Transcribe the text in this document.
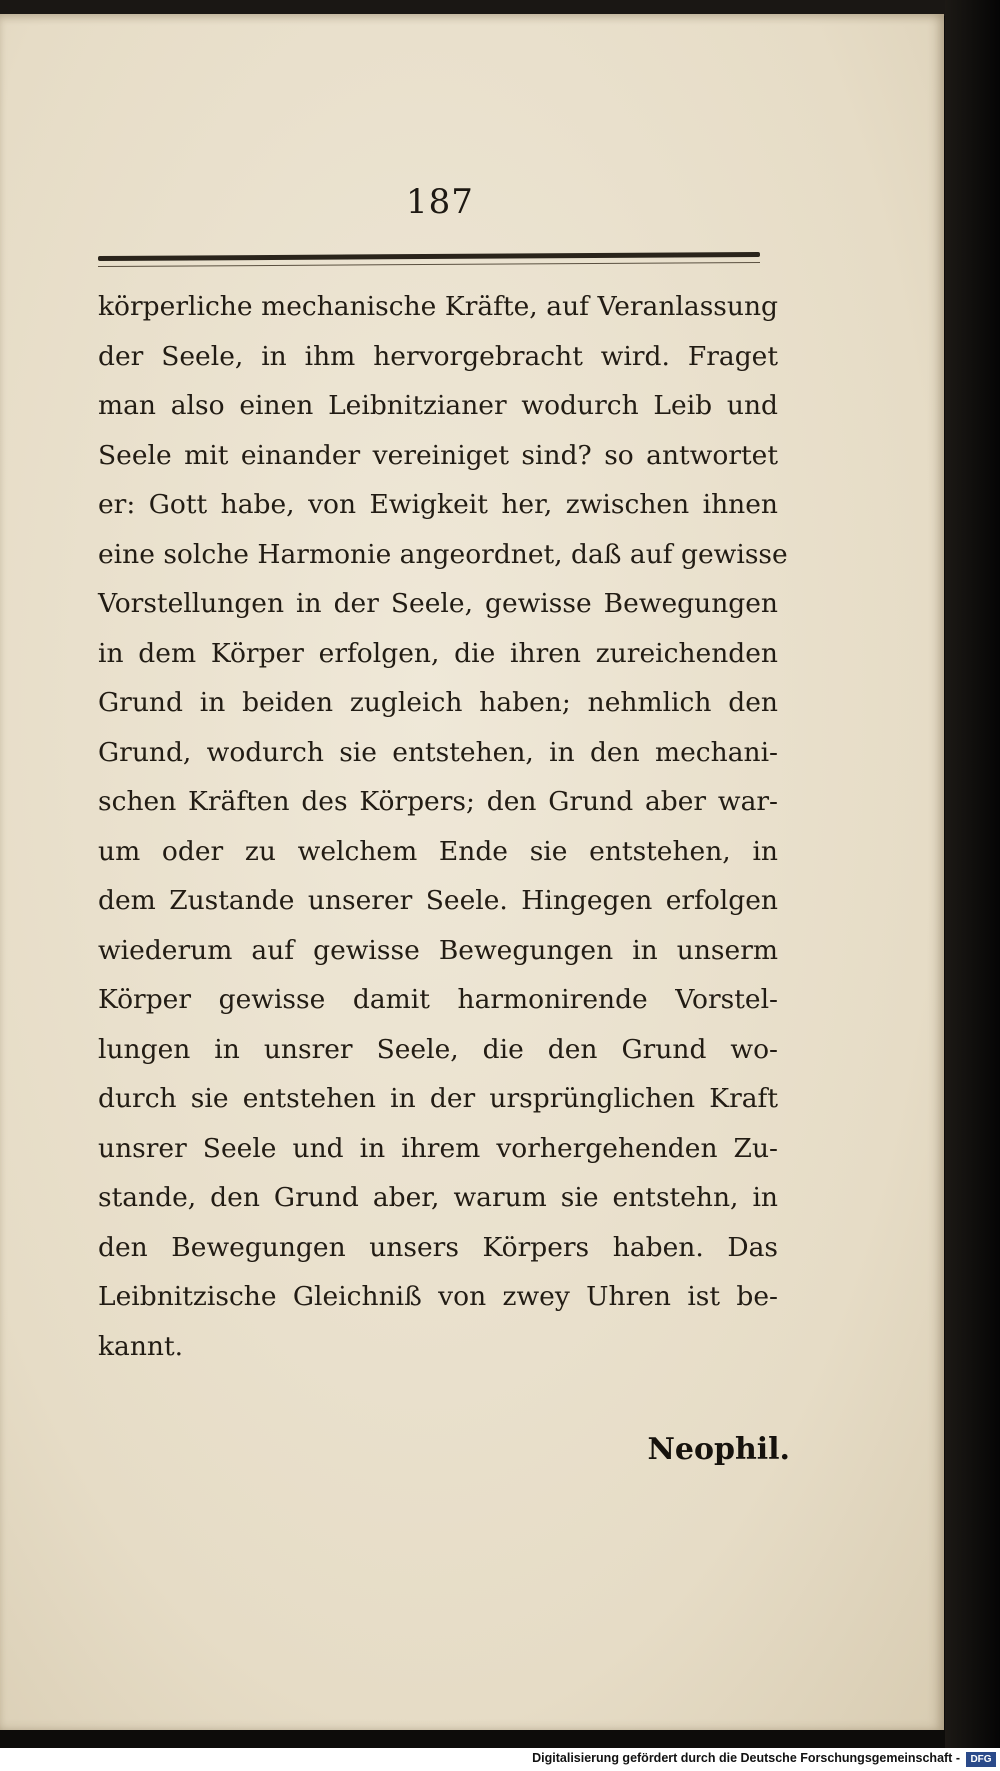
187
körperliche mechanische Kräfte, auf Veranlassung
der Seele, in ihm hervorgebracht wird. Fraget
man also einen Leibnitzianer wodurch Leib und
Seele mit einander vereiniget sind? so antwortet
er: Gott habe, von Ewigkeit her, zwischen ihnen
eine solche Harmonie angeordnet, daß auf gewisse
Vorstellungen in der Seele, gewisse Bewegungen
in dem Körper erfolgen, die ihren zureichenden
Grund in beiden zugleich haben; nehmlich den
Grund, wodurch sie entstehen, in den mechani-
schen Kräften des Körpers; den Grund aber war-
um oder zu welchem Ende sie entstehen, in
dem Zustande unserer Seele. Hingegen erfolgen
wiederum auf gewisse Bewegungen in unserm
Körper gewisse damit harmonirende Vorstel-
lungen in unsrer Seele, die den Grund wo-
durch sie entstehen in der ursprünglichen Kraft
unsrer Seele und in ihrem vorhergehenden Zu-
stande, den Grund aber, warum sie entstehn, in
den Bewegungen unsers Körpers haben. Das
Leibnitzische Gleichniß von zwey Uhren ist be-
kannt.
Neophil.
Digitalisierung gefördert durch die Deutsche Forschungsgemeinschaft -	DFG
